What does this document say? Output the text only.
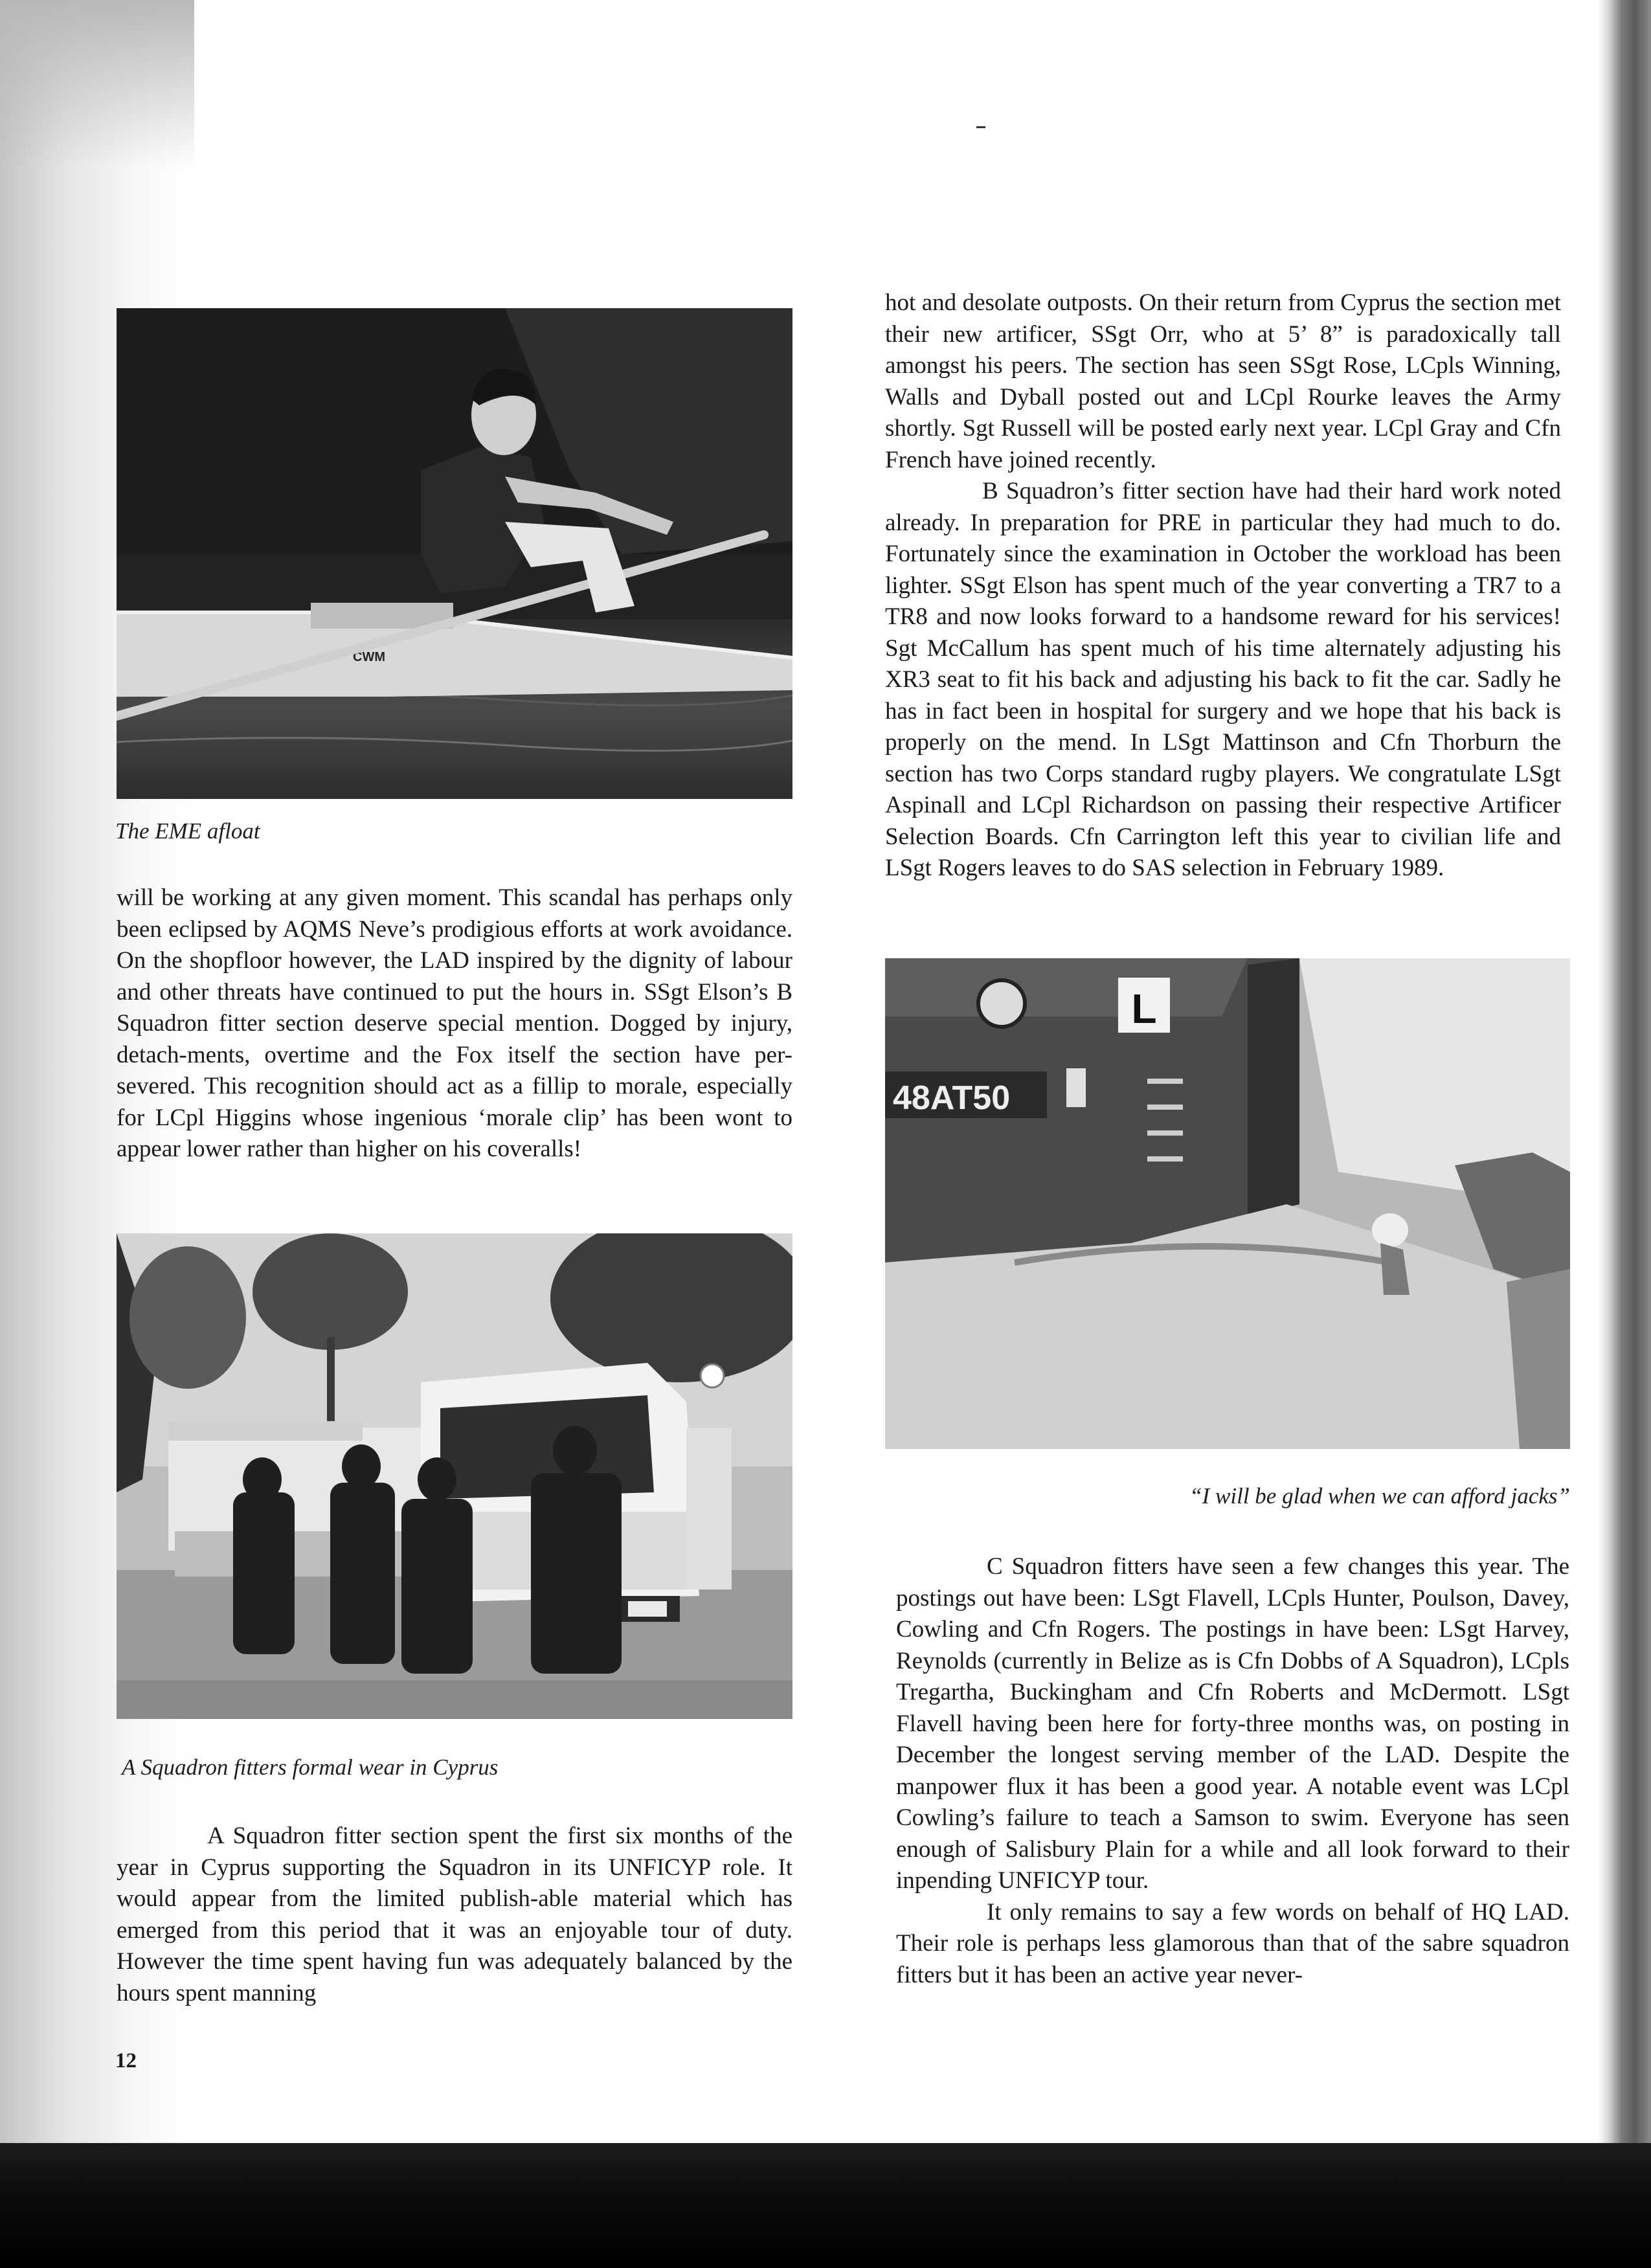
CWM
The EME afloat

will be working at any given moment. This scandal has perhaps only been eclipsed by AQMS Neve’s prodigious efforts at work avoidance. On the shopfloor however, the LAD inspired by the dignity of labour and other threats have continued to put the hours in. SSgt Elson’s B Squadron fitter section deserve special mention. Dogged by injury, detach-ments, overtime and the Fox itself the section have per-severed. This recognition should act as a fillip to morale, especially for LCpl Higgins whose ingenious ‘morale clip’ has been wont to appear lower rather than higher on his coveralls!

A Squadron fitters formal wear in Cyprus

A Squadron fitter section spent the first six months of the year in Cyprus supporting the Squadron in its UNFICYP role. It would appear from the limited publish-able material which has emerged from this period that it was an enjoyable tour of duty. However the time spent having fun was adequately balanced by the hours spent manning

hot and desolate outposts. On their return from Cyprus the section met their new artificer, SSgt Orr, who at 5’ 8” is paradoxically tall amongst his peers. The section has seen SSgt Rose, LCpls Winning, Walls and Dyball posted out and LCpl Rourke leaves the Army shortly. Sgt Russell will be posted early next year. LCpl Gray and Cfn French have joined recently.

B Squadron’s fitter section have had their hard work noted already. In preparation for PRE in particular they had much to do. Fortunately since the examination in October the workload has been lighter. SSgt Elson has spent much of the year converting a TR7 to a TR8 and now looks forward to a handsome reward for his services! Sgt McCallum has spent much of his time alternately adjusting his XR3 seat to fit his back and adjusting his back to fit the car. Sadly he has in fact been in hospital for surgery and we hope that his back is properly on the mend. In LSgt Mattinson and Cfn Thorburn the section has two Corps standard rugby players. We congratulate LSgt Aspinall and LCpl Richardson on passing their respective Artificer Selection Boards. Cfn Carrington left this year to civilian life and LSgt Rogers leaves to do SAS selection in February 1989.

L
48AT50
“I will be glad when we can afford jacks”

C Squadron fitters have seen a few changes this year. The postings out have been: LSgt Flavell, LCpls Hunter, Poulson, Davey, Cowling and Cfn Rogers. The postings in have been: LSgt Harvey, Reynolds (currently in Belize as is Cfn Dobbs of A Squadron), LCpls Tregartha, Buckingham and Cfn Roberts and McDermott. LSgt Flavell having been here for forty-three months was, on posting in December the longest serving member of the LAD. Despite the manpower flux it has been a good year. A notable event was LCpl Cowling’s failure to teach a Samson to swim. Everyone has seen enough of Salisbury Plain for a while and all look forward to their inpending UNFICYP tour.

It only remains to say a few words on behalf of HQ LAD. Their role is perhaps less glamorous than that of the sabre squadron fitters but it has been an active year never-

12
